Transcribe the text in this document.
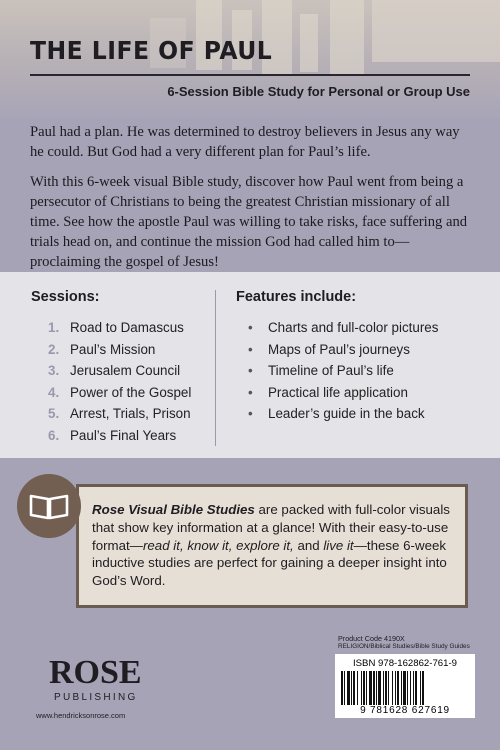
THE LIFE OF PAUL
6-Session Bible Study for Personal or Group Use

Paul had a plan. He was determined to destroy believers in Jesus any way he could. But God had a very different plan for Paul’s life.

With this 6-week visual Bible study, discover how Paul went from being a persecutor of Christians to being the greatest Christian missionary of all time. See how the apostle Paul was willing to take risks, face suffering and trials head on, and continue the mission God had called him to—proclaiming the gospel of Jesus!

Sessions:
1. Road to Damascus
2. Paul’s Mission
3. Jerusalem Council
4. Power of the Gospel
5. Arrest, Trials, Prison
6. Paul’s Final Years
Features include:
• Charts and full-color pictures
• Maps of Paul’s journeys
• Timeline of Paul’s life
• Practical life application
• Leader’s guide in the back
Rose Visual Bible Studies are packed with full-color visuals that show key information at a glance! With their easy-to-use format—read it, know it, explore it, and live it—these 6-week inductive studies are perfect for gaining a deeper insight into God’s Word.
ROSE
PUBLISHING
www.hendricksonrose.com
Product Code 4190X
RELIGION/Biblical Studies/Bible Study Guides
ISBN 978-162862-761-9
9 781628 627619
